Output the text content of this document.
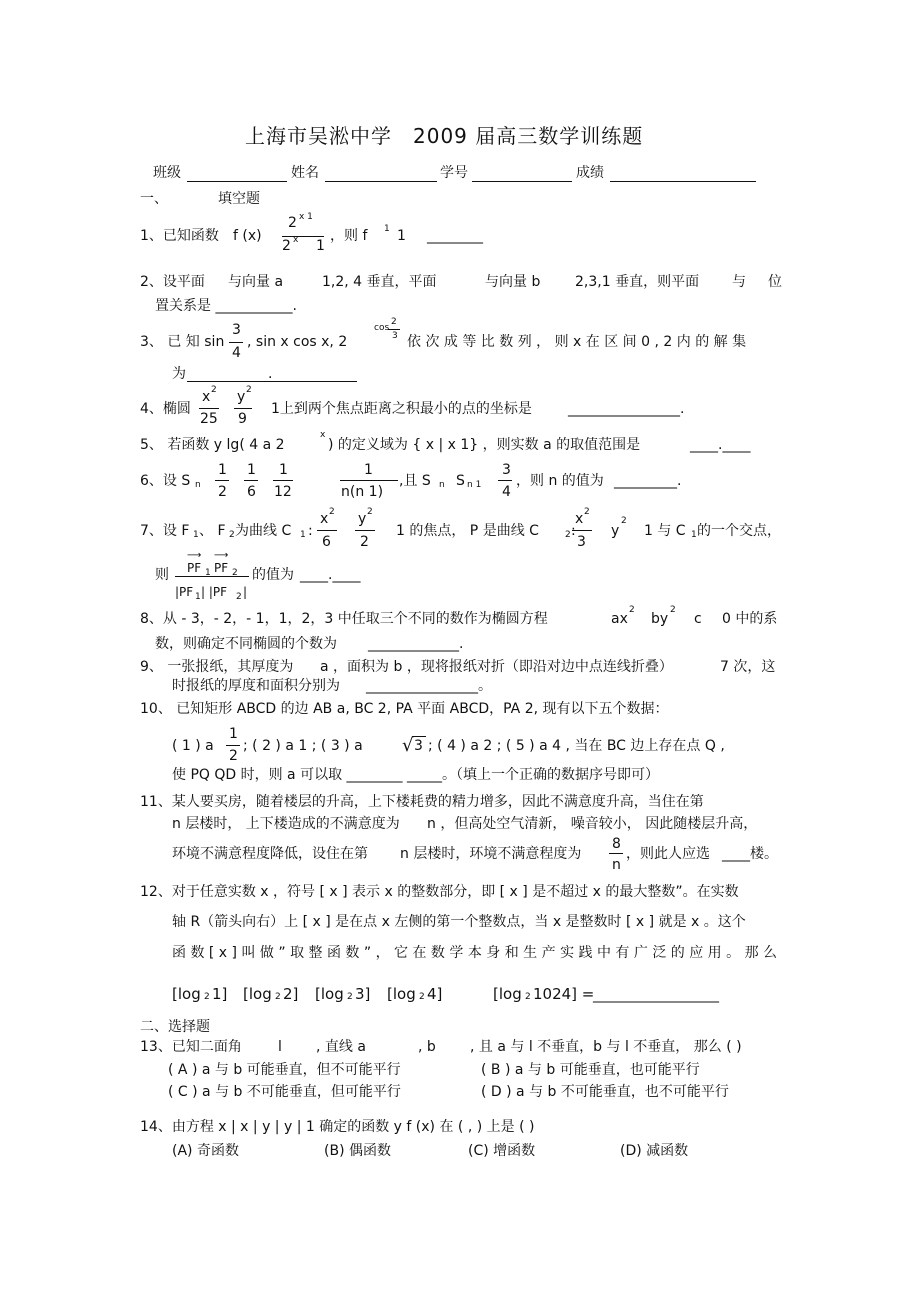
上海市吴淞中学　2009 届高三数学训练题
班级	姓名	学号	成绩
一、	填空题
1、已知函数 f (x)
2 x 1
2 x 1
，则 f 1 1 ________
2、设平面 与向量 a	1,2, 4 垂直，平面	与向量 b 2,3,1 垂直，则平面 与 位
置关系是 ___________.
3、 已 知 sin
3
4
, sin x cos x, 2
cos
2
3 依 次 成 等 比 数 列 ， 则 x 在 区 间 0 , 2 内 的 解 集
为	.
4、椭圆
x 2
25
y 2
9
1上到两个焦点距离之积最小的点的坐标是	________________.
5、 若函数 y lg( 4 a 2
x
) 的定义域为 { x | x 1} ，则实数 a 的取值范围是	____.____
6、设 S n
1
2
1
6
1
12
1
n(n 1)
,且 S n S n 1
3
4
，则 n 的值为 _________.
7、设 F 1 、 F 2 为曲线 C 1 :
x 2
6
y 2
2
1 的焦点， P 是曲线 C	2 :
x 2
3
y
2
1 与 C 1 的一个交点，
则
⟶
PF 1
⟶
PF 2
|PF 1 | |PF 2 |
的值为 ____.____
8、从 - 3，- 2，- 1，1，2，3 中任取三个不同的数作为椭圆方程	ax
2
by
2
c 0 中的系
数，则确定不同椭圆的个数为 _____________.
9、 一张报纸，其厚度为 a ，面积为 b ，现将报纸对折（即沿对边中点连线折叠）	7 次，这
时报纸的厚度和面积分别为 ________________。
10、 已知矩形 ABCD 的边 AB a, BC 2, PA 平面 ABCD，PA 2, 现有以下五个数据：
( 1 ) a
1
2
; ( 2 ) a 1 ; ( 3 ) a √ 3 ; ( 4 ) a 2 ; ( 5 ) a 4 , 当在 BC 边上存在点 Q ,
使 PQ QD 时，则 a 可以取 ________ _____。（填上一个正确的数据序号即可）
11、某人要买房，随着楼层的升高，上下楼耗费的精力增多，因此不满意度升高，当住在第
n 层楼时， 上下楼造成的不满意度为 n ，但高处空气清新， 噪音较小， 因此随楼层升高，
环境不满意程度降低，设住在第 n 层楼时，环境不满意程度为
8
n
，则此人应选 ____楼。
12、对于任意实数 x ，符号 [ x ] 表示 x 的整数部分，即 [ x ] 是不超过 x 的最大整数”。在实数
轴 R（箭头向右）上 [ x ] 是在点 x 左侧的第一个整数点，当 x 是整数时 [ x ] 就是 x 。这个
函 数 [ x ] 叫 做 ” 取 整 函 数 ” ， 它 在 数 学 本 身 和 生 产 实 践 中 有 广 泛 的 应 用 。 那 么
[log 2 1] [log 2 2] [log 2 3] [log 2 4]	[log 2 1024] =
__________________
二、选择题
13、已知二面角	l , 直线 a	, b , 且 a 与 l 不垂直，b 与 l 不垂直， 那么 ( )
( A ) a 与 b 可能垂直，但不可能平行	( B ) a 与 b 可能垂直，也可能平行
( C ) a 与 b 不可能垂直，但可能平行	( D ) a 与 b 不可能垂直，也不可能平行
14、由方程 x | x | y | y | 1 确定的函数 y f (x) 在 ( , ) 上是 ( )
(A) 奇函数	(B) 偶函数	(C) 增函数	(D) 减函数
